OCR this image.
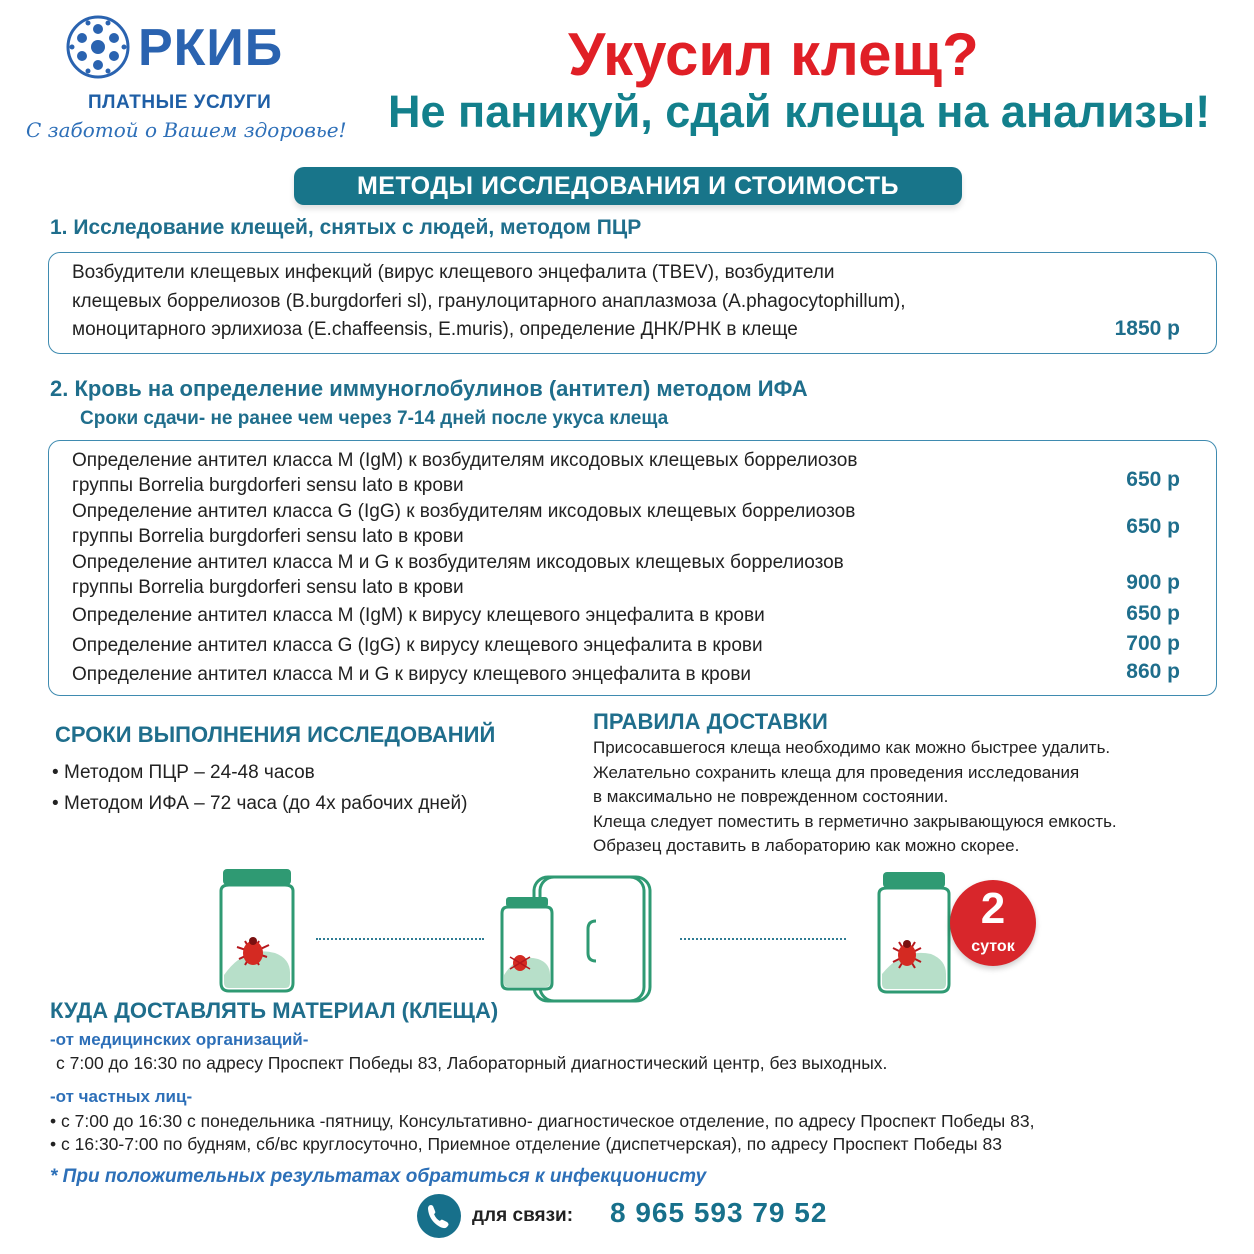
РКИБ
ПЛАТНЫЕ УСЛУГИ
С заботой о Вашем здоровье!
Укусил клещ?
Не паникуй, сдай клеща на анализы!
МЕТОДЫ ИССЛЕДОВАНИЯ И СТОИМОСТЬ
1. Исследование клещей, снятых с людей, методом ПЦР
Возбудители клещевых инфекций (вирус клещевого энцефалита (TBEV), возбудители
клещевых боррелиозов (B.burgdorferi sl), гранулоцитарного анаплазмоза (A.phagocytophillum),
моноцитарного эрлихиоза (E.chaffeensis, E.muris), определение ДНК/РНК в клеще	1850 р
2. Кровь на определение иммуноглобулинов (антител) методом ИФА
Сроки сдачи- не ранее чем через 7-14 дней после укуса клеща
Определение антител класса М (IgM) к возбудителям иксодовых клещевых боррелиозов
группы Borrelia burgdorferi sensu lato в крови	650 р
Определение антител класса G (IgG) к возбудителям иксодовых клещевых боррелиозов
группы Borrelia burgdorferi sensu lato в крови	650 р
Определение антител класса M и G к возбудителям иксодовых клещевых боррелиозов
группы Borrelia burgdorferi sensu lato в крови	900 р
Определение антител класса М (IgM) к вирусу клещевого энцефалита в крови	650 р
Определение антител класса G (IgG) к вирусу клещевого энцефалита в крови	700 р
Определение антител класса M и G к вирусу клещевого энцефалита в крови	860 р
СРОКИ ВЫПОЛНЕНИЯ ИССЛЕДОВАНИЙ
• Методом ПЦР – 24-48 часов
• Методом ИФА – 72 часа (до 4х рабочих дней)
ПРАВИЛА ДОСТАВКИ
Присосавшегося клеща необходимо как можно быстрее удалить.
Желательно сохранить клеща для проведения исследования
в максимально не поврежденном состоянии.
Клеща следует поместить в герметично закрывающуюся емкость.
Образец доставить в лабораторию как можно скорее.
2
суток
КУДА ДОСТАВЛЯТЬ МАТЕРИАЛ (КЛЕЩА)
-от медицинских организаций-
с 7:00 до 16:30 по адресу Проспект Победы 83, Лабораторный диагностический центр, без выходных.
-от частных лиц-
• с 7:00 до 16:30 с понедельника -пятницу, Консультативно- диагностическое отделение, по адресу Проспект Победы 83,
• с 16:30-7:00 по будням, сб/вс круглосуточно, Приемное отделение (диспетчерская), по адресу Проспект Победы 83
* При положительных результатах обратиться к инфекционисту
для связи: 8 965 593 79 52
